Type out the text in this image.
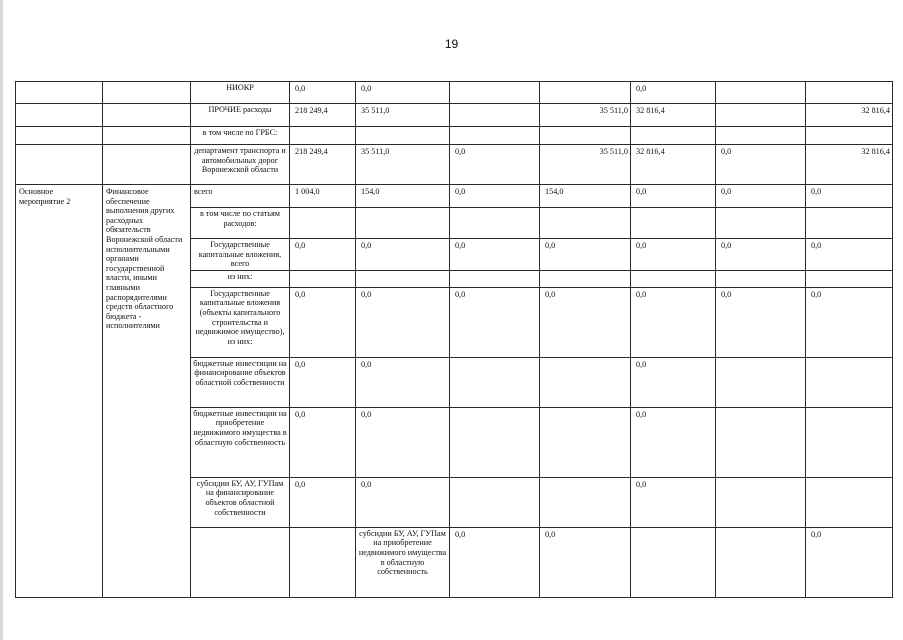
19
		НИОКР	0,0	0,0			0,0			
		ПРОЧИЕ расходы	218 249,4	35 511,0		35 511,0	32 816,4		32 816,4	
		в том числе по ГРБС:								
		департамент транспорта и автомобильных дорог Воронежской области	218 249,4	35 511,0	0,0	35 511,0	32 816,4	0,0	32 816,4	
Основное мероприятие 2	Финансовое обеспечение выполнения других расходных обязательств Воронежской области исполнительными органами государственной власти, иными главными распорядителями средств областного бюджета - исполнителями	всего	1 004,0	154,0	0,0	154,0	0,0	0,0	0,0	
		в том числе по статьям расходов:								
		Государственные капитальные вложения, всего	0,0	0,0	0,0	0,0	0,0	0,0	0,0	
		из них:								
		Государственные капитальные вложения (объекты капитального строительства и недвижимое имущество), из них:	0,0	0,0	0,0	0,0	0,0	0,0	0,0	
		бюджетные инвестиции на финансирование объектов областной собственности	0,0	0,0			0,0			
		бюджетные инвестиции на приобретение недвижимого имущества в областную собственность	0,0	0,0			0,0			
		субсидии БУ, АУ, ГУПам на финансирование объектов областной собственности	0,0	0,0			0,0			
				субсидии БУ, АУ, ГУПам на приобретение недвижимого имущества в областную собственность	0,0	0,0			0,0		
